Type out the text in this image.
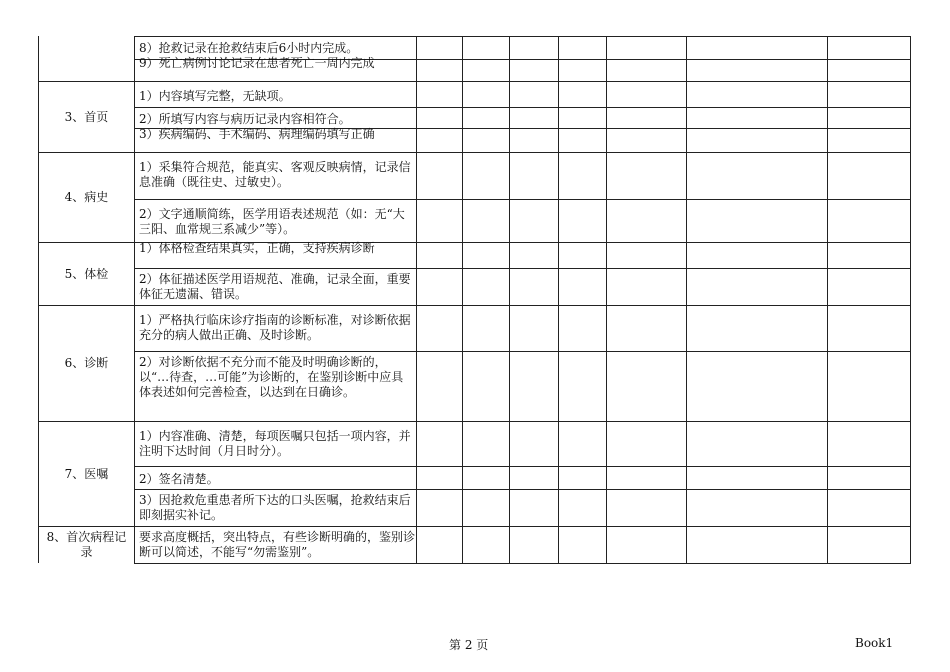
3、首页
4、病史
5、体检
6、诊断
7、医嘱
8、首次病程记录
8）抢救记录在抢救结束后6小时内完成。
9）死亡病例讨论记录在患者死亡一周内完成
1）内容填写完整，无缺项。
2）所填写内容与病历记录内容相符合。
3）疾病编码、手术编码、病理编码填写正确
1）采集符合规范，能真实、客观反映病情，记录信息准确（既往史、过敏史）。
2）文字通顺简练，医学用语表述规范（如：无“大三阳、血常规三系减少”等）。
1）体格检查结果真实，正确，支持疾病诊断
2）体征描述医学用语规范、准确，记录全面，重要体征无遗漏、错误。
1）严格执行临床诊疗指南的诊断标准，对诊断依据充分的病人做出正确、及时诊断。
2）对诊断依据不充分而不能及时明确诊断的，以“…待查，…可能”为诊断的，在鉴别诊断中应具体表述如何完善检查，以达到在日确诊。
1）内容准确、清楚，每项医嘱只包括一项内容，并注明下达时间（月日时分）。
2）签名清楚。
3）因抢救危重患者所下达的口头医嘱，抢救结束后即刻据实补记。
要求高度概括，突出特点，有些诊断明确的，鉴别诊断可以简述，不能写“勿需鉴别”。
第 2 页	Book1
